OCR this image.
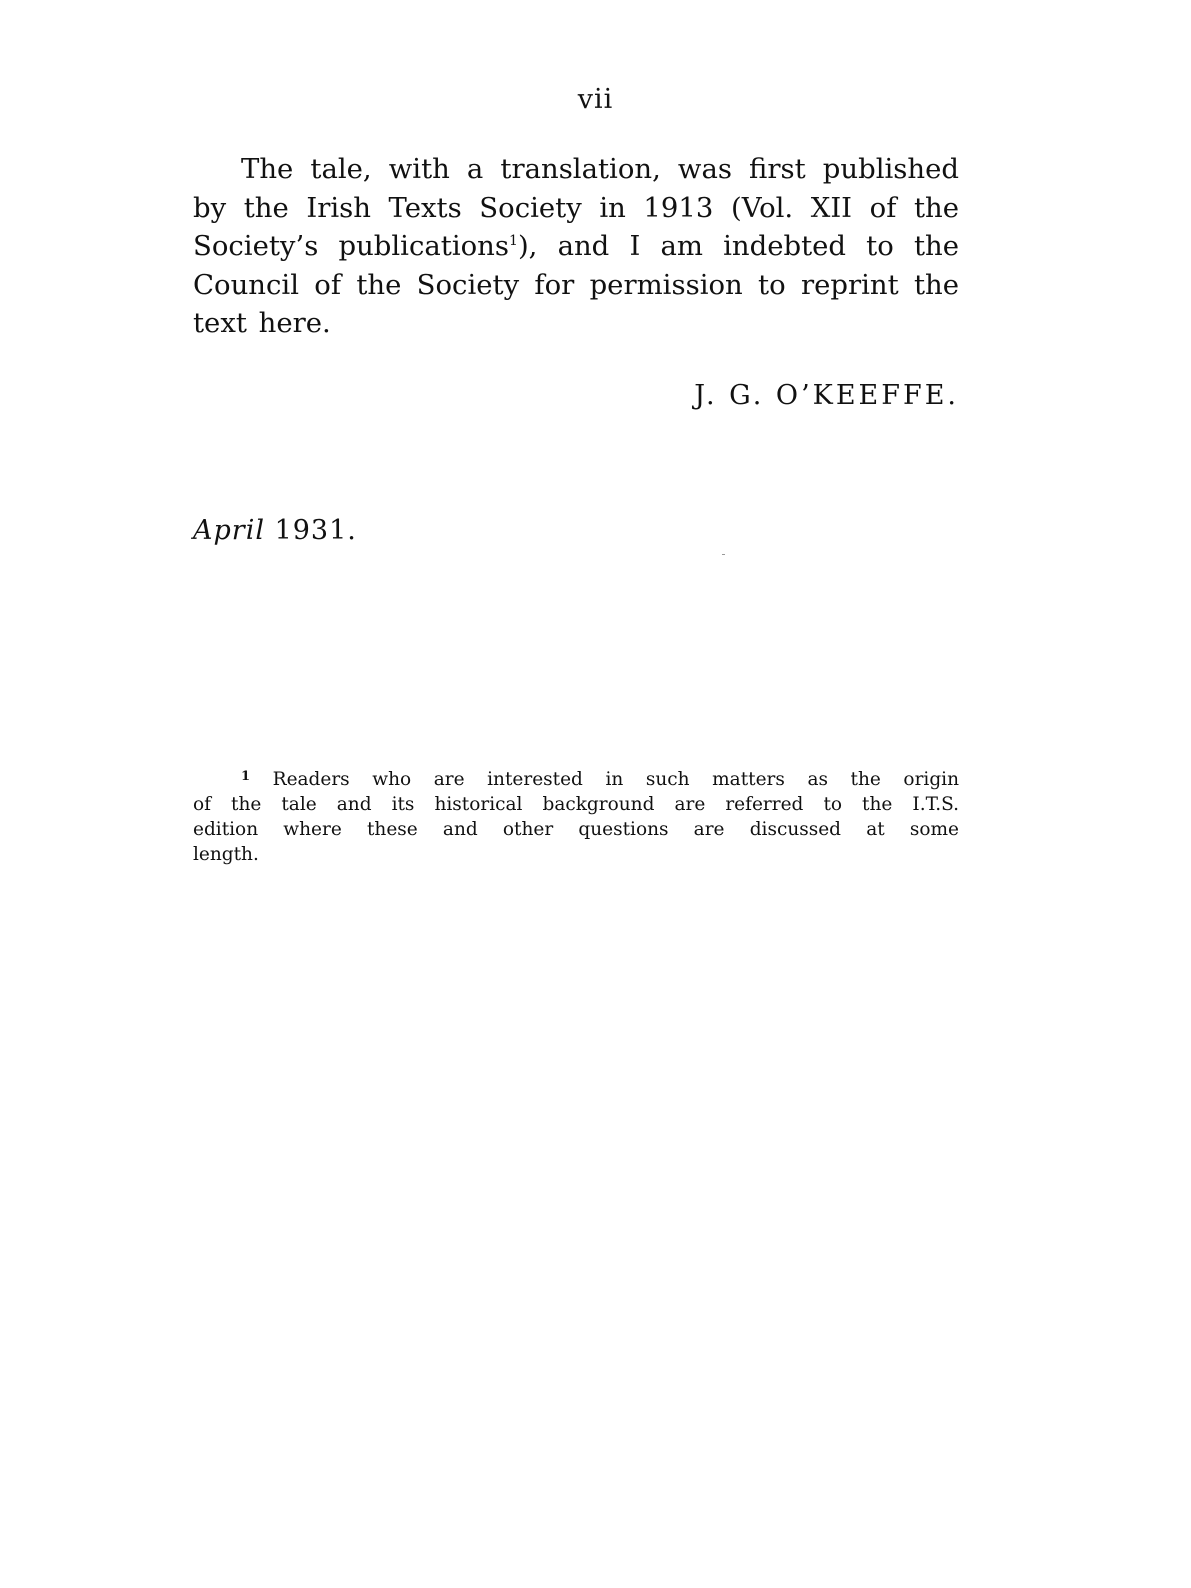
vii
The tale, with a translation, was first published
by the Irish Texts Society in 1913 (Vol. XII of the
Society’s publications$^1$), and I am indebted to the
Council of the Society for permission to reprint the
text here.
J. G. O’KEEFFE.
April 1931.
$^1$ Readers who are interested in such matters as the origin
of the tale and its historical background are referred to the I.T.S.
edition where these and other questions are discussed at some
length.
